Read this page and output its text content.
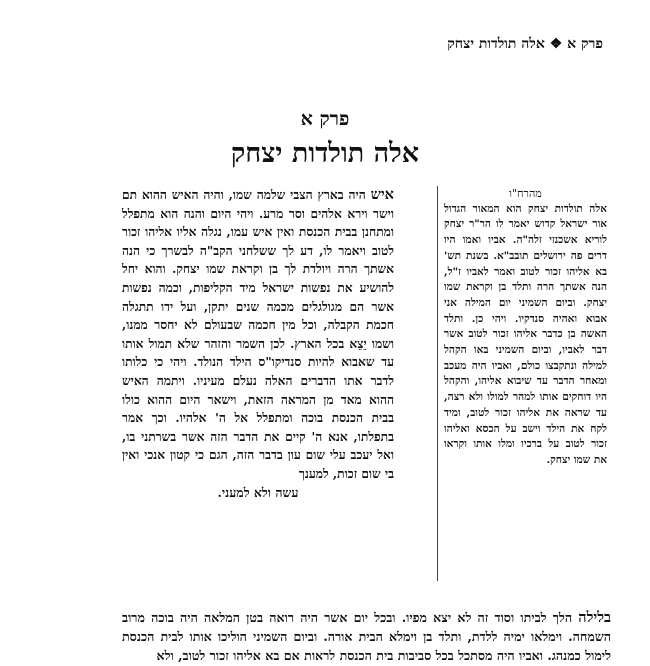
פרק א ❖ אלה תולדות יצחק
פרק א
אלה תולדות יצחק
מהרח"ו
אלה תולדות יצחק הוא המאור הגדול אור ישראל קדוש יאמר לו הר"ר יצחק לוריא אשכנזי זלה"ה. אביו ואמו היו דרים פה ירושלים תובב"א. בשנת תש' בא אליהו זכור לטוב ואמר לאביו ז"ל, הנה אשתך הרה ותלד בן וקראת שמו יצחק. וביום השמיני יום המילה אני אבוא ואהיה סנדקיו. ויהי כן. ותלד האשה בן כדבר אליהו זכור לטוב אשר דבר לאביו, וביום השמיני באו הקהל למילה ונתקבצו כולם, ואביו היה מעכב ומאחר הדבר עד שיבוא אליהו, והקהל היו דוחקים אותו למהר למולו ולא רצה, עד שראה את אליהו זכור לטוב, ומיד לקח את הילד וישב על הכסא ואליהו זכור לטוב על ברכיו ומלו אותו וקראו את שמו יצחק.
איש היה בארץ הצבי שלמה שמו, והיה האיש ההוא תם וישר וירא אלהים וסר מרע. ויהי היום והנה הוא מתפלל ומתחנן בבית הכנסת ואין איש עמו, נגלה אליו אליהו זכור לטוב ויאמר לו, דע לך ששלחני הקב"ה לבשרך כי הנה אשתך הרה ויולדת לך בן וקראת שמו יצחק. והוא יחל להושיע את נפשות ישראל מיד הקליפות, וכמה נפשות אשר הם מגולגלים מכמה שנים יתקן, ועל ידו תתגלה חכמת הקבלה, וכל מין חכמה שבעולם לא יחסר ממנו, ושמו יֵצֵא בכל הארץ. לכן השמר והזהר שלא תמול אותו עד שאבוא להיות סנדיקו"ס הילד הנולד. ויהי כי כלותו לדבר אתו הדברים האלה נעלם מעיניו. ויתמה האיש ההוא מאד מן המראה הזאת, וישאר היום ההוא כולו בבית הכנסת בוכה ומתפלל אל ה' אלהיו. וכך אמר בתפלתו, אנא ה' קיים את הדבר הזה אשר בשרתני בו, ואל יעכב עלי שום עון בדבר הזה, הגם כי קטון אנכי ואין בי שום זכות, למענך
עשה ולא למעני.
בלילה הלך לביתו וסוד זה לא יצא מפיו. ובכל יום אשר היה רואה בטן המלאה היה בוכה מרוב השמחה. וימלאו ימיה ללדת, ותלד בן וימלא הבית אורה. וביום השמיני הוליכו אותו לבית הכנסת לימול כמנהג. ואביו היה מסתכל בכל סביבות בית הכנסת לראות אם בא אליהו זכור לטוב, ולא
